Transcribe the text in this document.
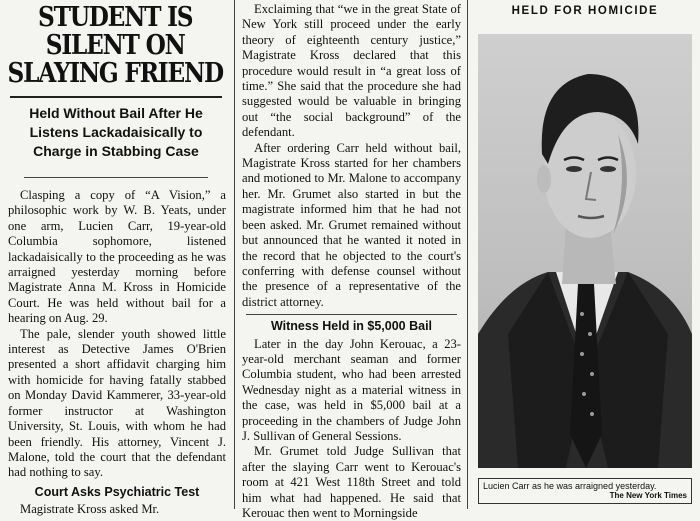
STUDENT IS SILENT ON SLAYING FRIEND
Held Without Bail After He Listens Lackadaisically to Charge in Stabbing Case

Clasping a copy of “A Vision,” a philosophic work by W. B. Yeats, under one arm, Lucien Carr, 19-year-old Columbia sophomore, listened lackadaisically to the proceeding as he was arraigned yesterday morning before Magistrate Anna M. Kross in Homicide Court. He was held without bail for a hearing on Aug. 29.

The pale, slender youth showed little interest as Detective James O'Brien presented a short affidavit charging him with homicide for having fatally stabbed on Monday David Kammerer, 33-year-old former instructor at Washington University, St. Louis, with whom he had been friendly. His attorney, Vincent J. Malone, told the court that the defendant had nothing to say.

Court Asks Psychiatric Test

Magistrate Kross asked Mr.

Exclaiming that “we in the great State of New York still proceed under the early theory of eighteenth century justice,” Magistrate Kross declared that this procedure would result in “a great loss of time.” She said that the procedure she had suggested would be valuable in bringing out “the social background” of the defendant.

After ordering Carr held without bail, Magistrate Kross started for her chambers and motioned to Mr. Malone to accompany her. Mr. Grumet also started in but the magistrate informed him that he had not been asked. Mr. Grumet remained without but announced that he wanted it noted in the record that he objected to the court's conferring with defense counsel without the presence of a representative of the district attorney.

Witness Held in $5,000 Bail

Later in the day John Kerouac, a 23-year-old merchant seaman and former Columbia student, who had been arrested Wednesday night as a material witness in the case, was held in $5,000 bail at a proceeding in the chambers of Judge John J. Sullivan of General Sessions.

Mr. Grumet told Judge Sullivan that after the slaying Carr went to Kerouac's room at 421 West 118th Street and told him what had happened. He said that Kerouac then went to Morningside

HELD FOR HOMICIDE
Lucien Carr as he was arraigned yesterday.
The New York Times
